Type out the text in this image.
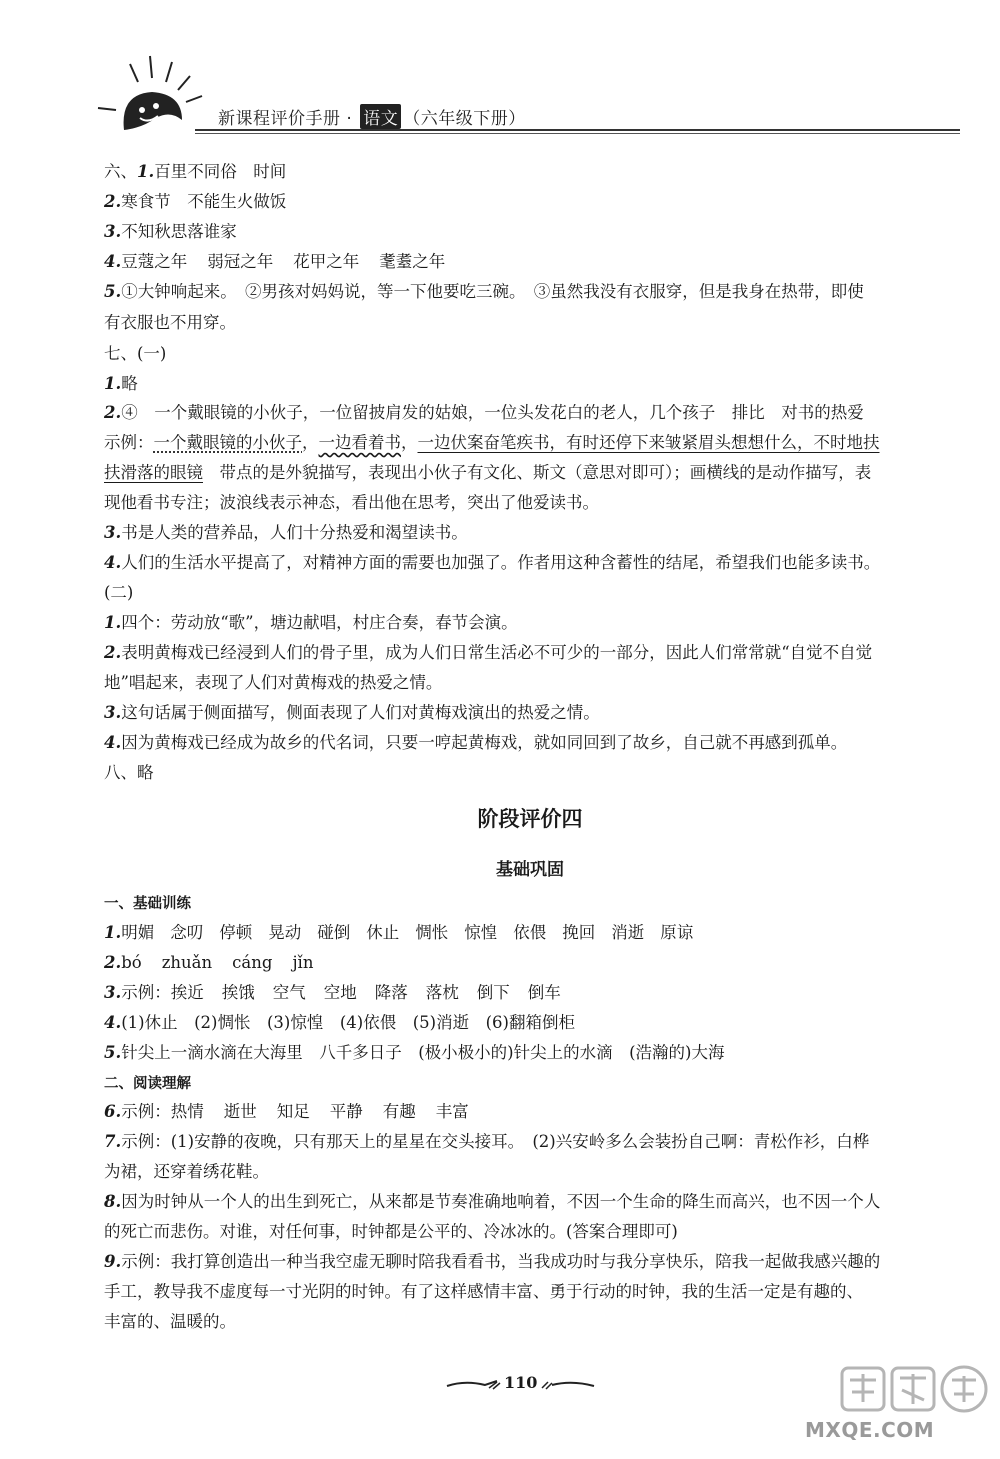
新课程评价手册 · 语文 （六年级下册）
六、1.百里不同俗　时间
2.寒食节　不能生火做饭
3.不知秋思落谁家
4.豆蔻之年 弱冠之年 花甲之年 耄耋之年
5.①大钟响起来。　②男孩对妈妈说，等一下他要吃三碗。　③虽然我没有衣服穿，但是我身在热带，即使
有衣服也不用穿。
七、(一)
1.略
2.④　一个戴眼镜的小伙子，一位留披肩发的姑娘，一位头发花白的老人，几个孩子　排比　对书的热爱
示例：一个戴眼镜的小伙子，一边看着书，一边伏案奋笔疾书，有时还停下来皱紧眉头想想什么，不时地扶
扶滑落的眼镜　带点的是外貌描写，表现出小伙子有文化、斯文（意思对即可）；画横线的是动作描写，表
现他看书专注；波浪线表示神态，看出他在思考，突出了他爱读书。
3.书是人类的营养品，人们十分热爱和渴望读书。
4.人们的生活水平提高了，对精神方面的需要也加强了。作者用这种含蓄性的结尾，希望我们也能多读书。
(二)
1.四个：劳动放“歌”，塘边献唱，村庄合奏，春节会演。
2.表明黄梅戏已经浸到人们的骨子里，成为人们日常生活必不可少的一部分，因此人们常常就“自觉不自觉
地”唱起来，表现了人们对黄梅戏的热爱之情。
3.这句话属于侧面描写，侧面表现了人们对黄梅戏演出的热爱之情。
4.因为黄梅戏已经成为故乡的代名词，只要一哼起黄梅戏，就如同回到了故乡，自己就不再感到孤单。
八、略
阶段评价四
基础巩固
一、基础训练
1.明媚 念叨 停顿 晃动 碰倒 休止 惆怅 惊惶 依偎 挽回 消逝 原谅
2.bó zhuǎn cáng jǐn
3.示例：挨近 挨饿 空气 空地 降落 落枕 倒下 倒车
4.(1)休止　(2)惆怅　(3)惊惶　(4)依偎　(5)消逝　(6)翻箱倒柜
5.针尖上一滴水滴在大海里　八千多日子　(极小极小的)针尖上的水滴　(浩瀚的)大海
二、阅读理解
6.示例：热情 逝世 知足 平静 有趣 丰富
7.示例：(1)安静的夜晚，只有那天上的星星在交头接耳。　(2)兴安岭多么会装扮自己啊：青松作衫，白桦
为裙，还穿着绣花鞋。
8.因为时钟从一个人的出生到死亡，从来都是节奏准确地响着，不因一个生命的降生而高兴，也不因一个人
的死亡而悲伤。对谁，对任何事，时钟都是公平的、冷冰冰的。(答案合理即可)
9.示例：我打算创造出一种当我空虚无聊时陪我看看书，当我成功时与我分享快乐，陪我一起做我感兴趣的
手工，教导我不虚度每一寸光阴的时钟。有了这样感情丰富、勇于行动的时钟，我的生活一定是有趣的、
丰富的、温暖的。
110
MXQE.COM
